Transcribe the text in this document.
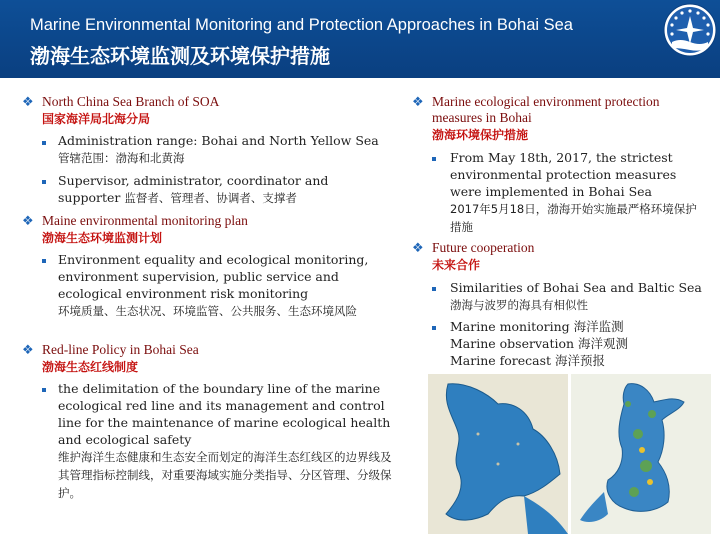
Marine Environmental Monitoring and Protection Approaches in Bohai Sea
渤海生态环境监测及环境保护措施
❖ North China Sea Branch of SOA
国家海洋局北海分局
Administration range: Bohai and North Yellow Sea
管辖范围：渤海和北黄海
Supervisor, administrator, coordinator and supporter 监督者、管理者、协调者、支撑者
❖ Maine environmental monitoring plan
渤海生态环境监测计划
Environment equality and ecological monitoring, environment supervision, public service and ecological environment risk monitoring
环境质量、生态状况、环境监管、公共服务、生态环境风险
❖ Red-line Policy in Bohai Sea
渤海生态红线制度
the delimitation of the boundary line of the marine ecological red line and its management and control line for the maintenance of marine ecological health and ecological safety
维护海洋生态健康和生态安全而划定的海洋生态红线区的边界线及其管理指标控制线，对重要海域实施分类指导、分区管理、分级保护。
❖ Marine ecological environment protection measures in Bohai
渤海环境保护措施
From May 18th, 2017, the strictest environmental protection measures were implemented in Bohai Sea
2017年5月18日，渤海开始实施最严格环境保护措施
❖ Future cooperation
未来合作
Similarities of Bohai Sea and Baltic Sea 渤海与波罗的海具有相似性
Marine monitoring 海洋监测
Marine observation 海洋观测
Marine forecast 海洋预报
